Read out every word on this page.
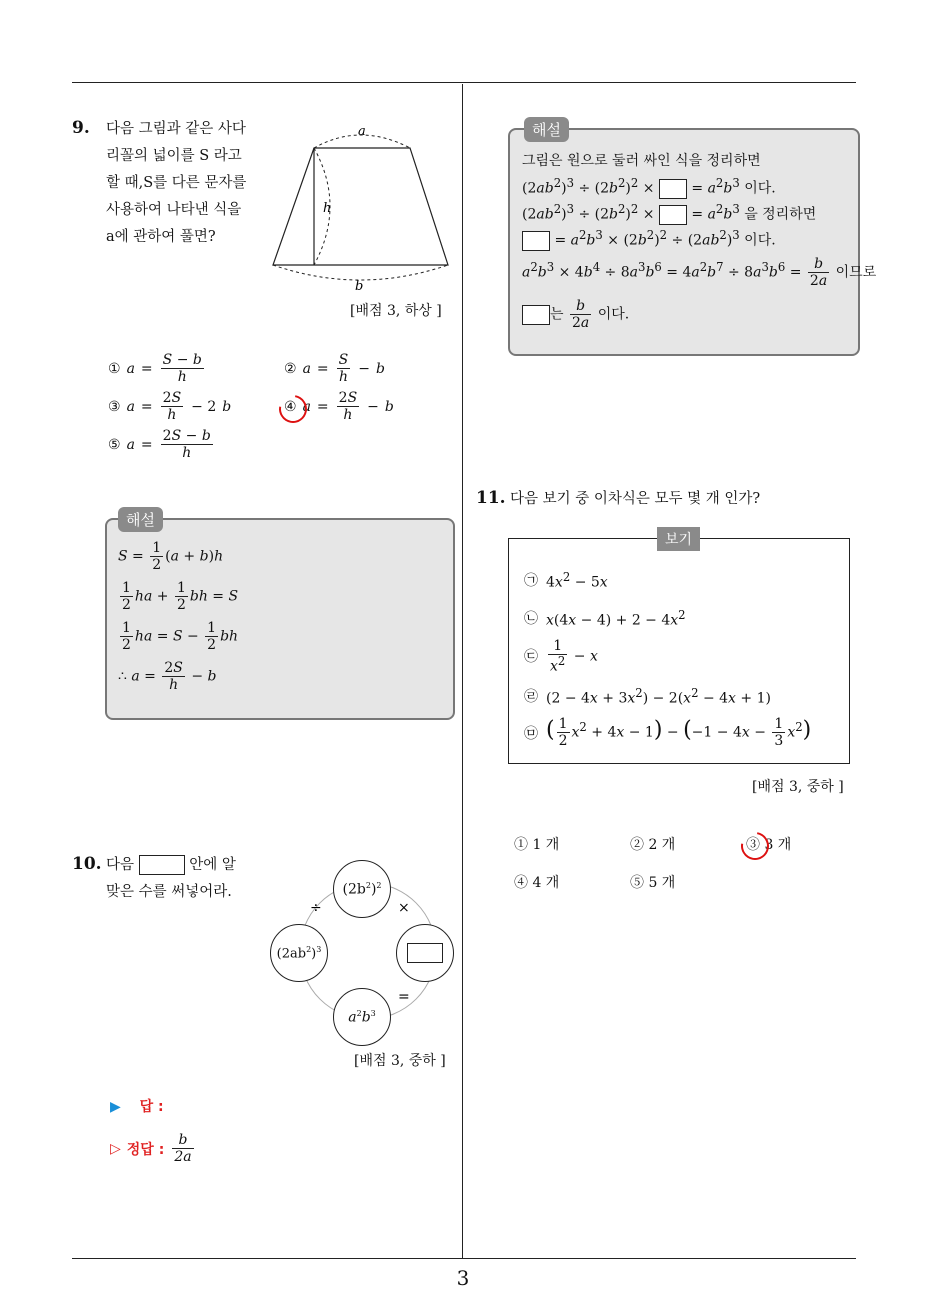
3
9. 다음 그림과 같은 사다
리꼴의 넓이를 S 라고
할 때,S를 다른 문자를
사용하여 나타낸 식을
a에 관하여 풀면?
a
h
b
[배점 3, 하상 ]
① $a = \frac{S - b}{h}$	② $a = \frac{S}{h} - b$
③ $a = \frac{2S}{h} - 2$ b	④ $a = \frac{2S}{h} - b$
⑤ $a = \frac{2S - b}{h}$
해설
$S = \frac{1}{2} (a + b)h$
$\frac{1}{2}$ ha + $\frac{1}{2}$ bh = S
$\frac{1}{2}$ ha = $S - \frac{1}{2}$ bh
∴ $a = \frac{2S}{h} - b$
10. 다음	안에 알
맞은 수를 써넣어라.
÷	×
=
$(2b^2)^2$
$(2ab^2)^3$
$a^2b^3$
[배점 3, 중하 ]
▶ 답 :
▷ 정답 : $\frac{b}{2a}$
해설
그림은 원으로 둘러 싸인 식을 정리하면
$(2ab^2)^3 \div (2b^2)^2$ ×  = $a^2b^3$ 이다.
$(2ab^2)^3 \div (2b^2)^2$ ×  = $a^2b^3$ 을 정리하면
= $a^2b^3 \times (2b^2)^2 \div (2ab^2)^3$ 이다.
$a^2b^3 \times 4b^4 \div 8a^3b^6 = 4a^2b^7 \div 8a^3b^6 = \frac{b}{2a}$ 이므로
는 $\frac{b}{2a}$ 이다.
11. 다음 보기 중 이차식은 모두 몇 개 인가?
보기
㉠ $4x^2 - 5x$
㉡ $x(4x - 4) + 2 - 4x^2$
㉢ $\frac{1}{x^2} - x$
㉣ $(2 - 4x + 3x^2) - 2(x^2 - 4x + 1)$
㉤ ( $\frac{1}{2} x^2 + 4x - 1) - (-1 - 4x - \frac{1}{3} x^2)$
[배점 3, 중하 ]
① 1 개	② 2 개	③ 3 개
④ 4 개	⑤ 5 개
